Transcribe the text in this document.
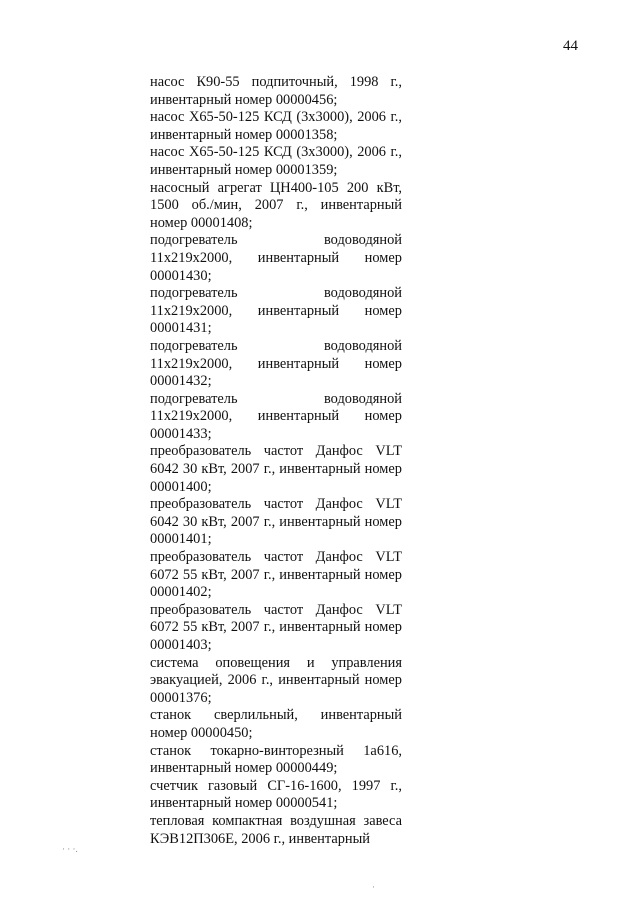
44

насос К90-55 подпиточный, 1998 г., инвентарный номер 00000456;

насос Х65-50-125 КСД (3х3000), 2006 г., инвентарный номер 00001358;

насос Х65-50-125 КСД (3х3000), 2006 г., инвентарный номер 00001359;

насосный агрегат ЦН400-105 200 кВт, 1500 об./мин, 2007 г., инвентарный номер 00001408;

подогреватель водоводяной 11х219х2000, инвентарный номер 00001430;

подогреватель водоводяной 11х219х2000, инвентарный номер 00001431;

подогреватель водоводяной 11х219х2000, инвентарный номер 00001432;

подогреватель водоводяной 11х219х2000, инвентарный номер 00001433;

преобразователь частот Данфос VLT 6042 30 кВт, 2007 г., инвентарный номер 00001400;

преобразователь частот Данфос VLT 6042 30 кВт, 2007 г., инвентарный номер 00001401;

преобразователь частот Данфос VLT 6072 55 кВт, 2007 г., инвентарный номер 00001402;

преобразователь частот Данфос VLT 6072 55 кВт, 2007 г., инвентарный номер 00001403;

система оповещения и управления эвакуацией, 2006 г., инвентарный номер 00001376;

станок сверлильный, инвентарный номер 00000450;

станок токарно-винторезный 1а616, инвентарный номер 00000449;

счетчик газовый СГ-16-1600, 1997 г., инвентарный номер 00000541;

тепловая компактная воздушная завеса КЭВ12П306Е, 2006 г., инвентарный

· · ·.
·
